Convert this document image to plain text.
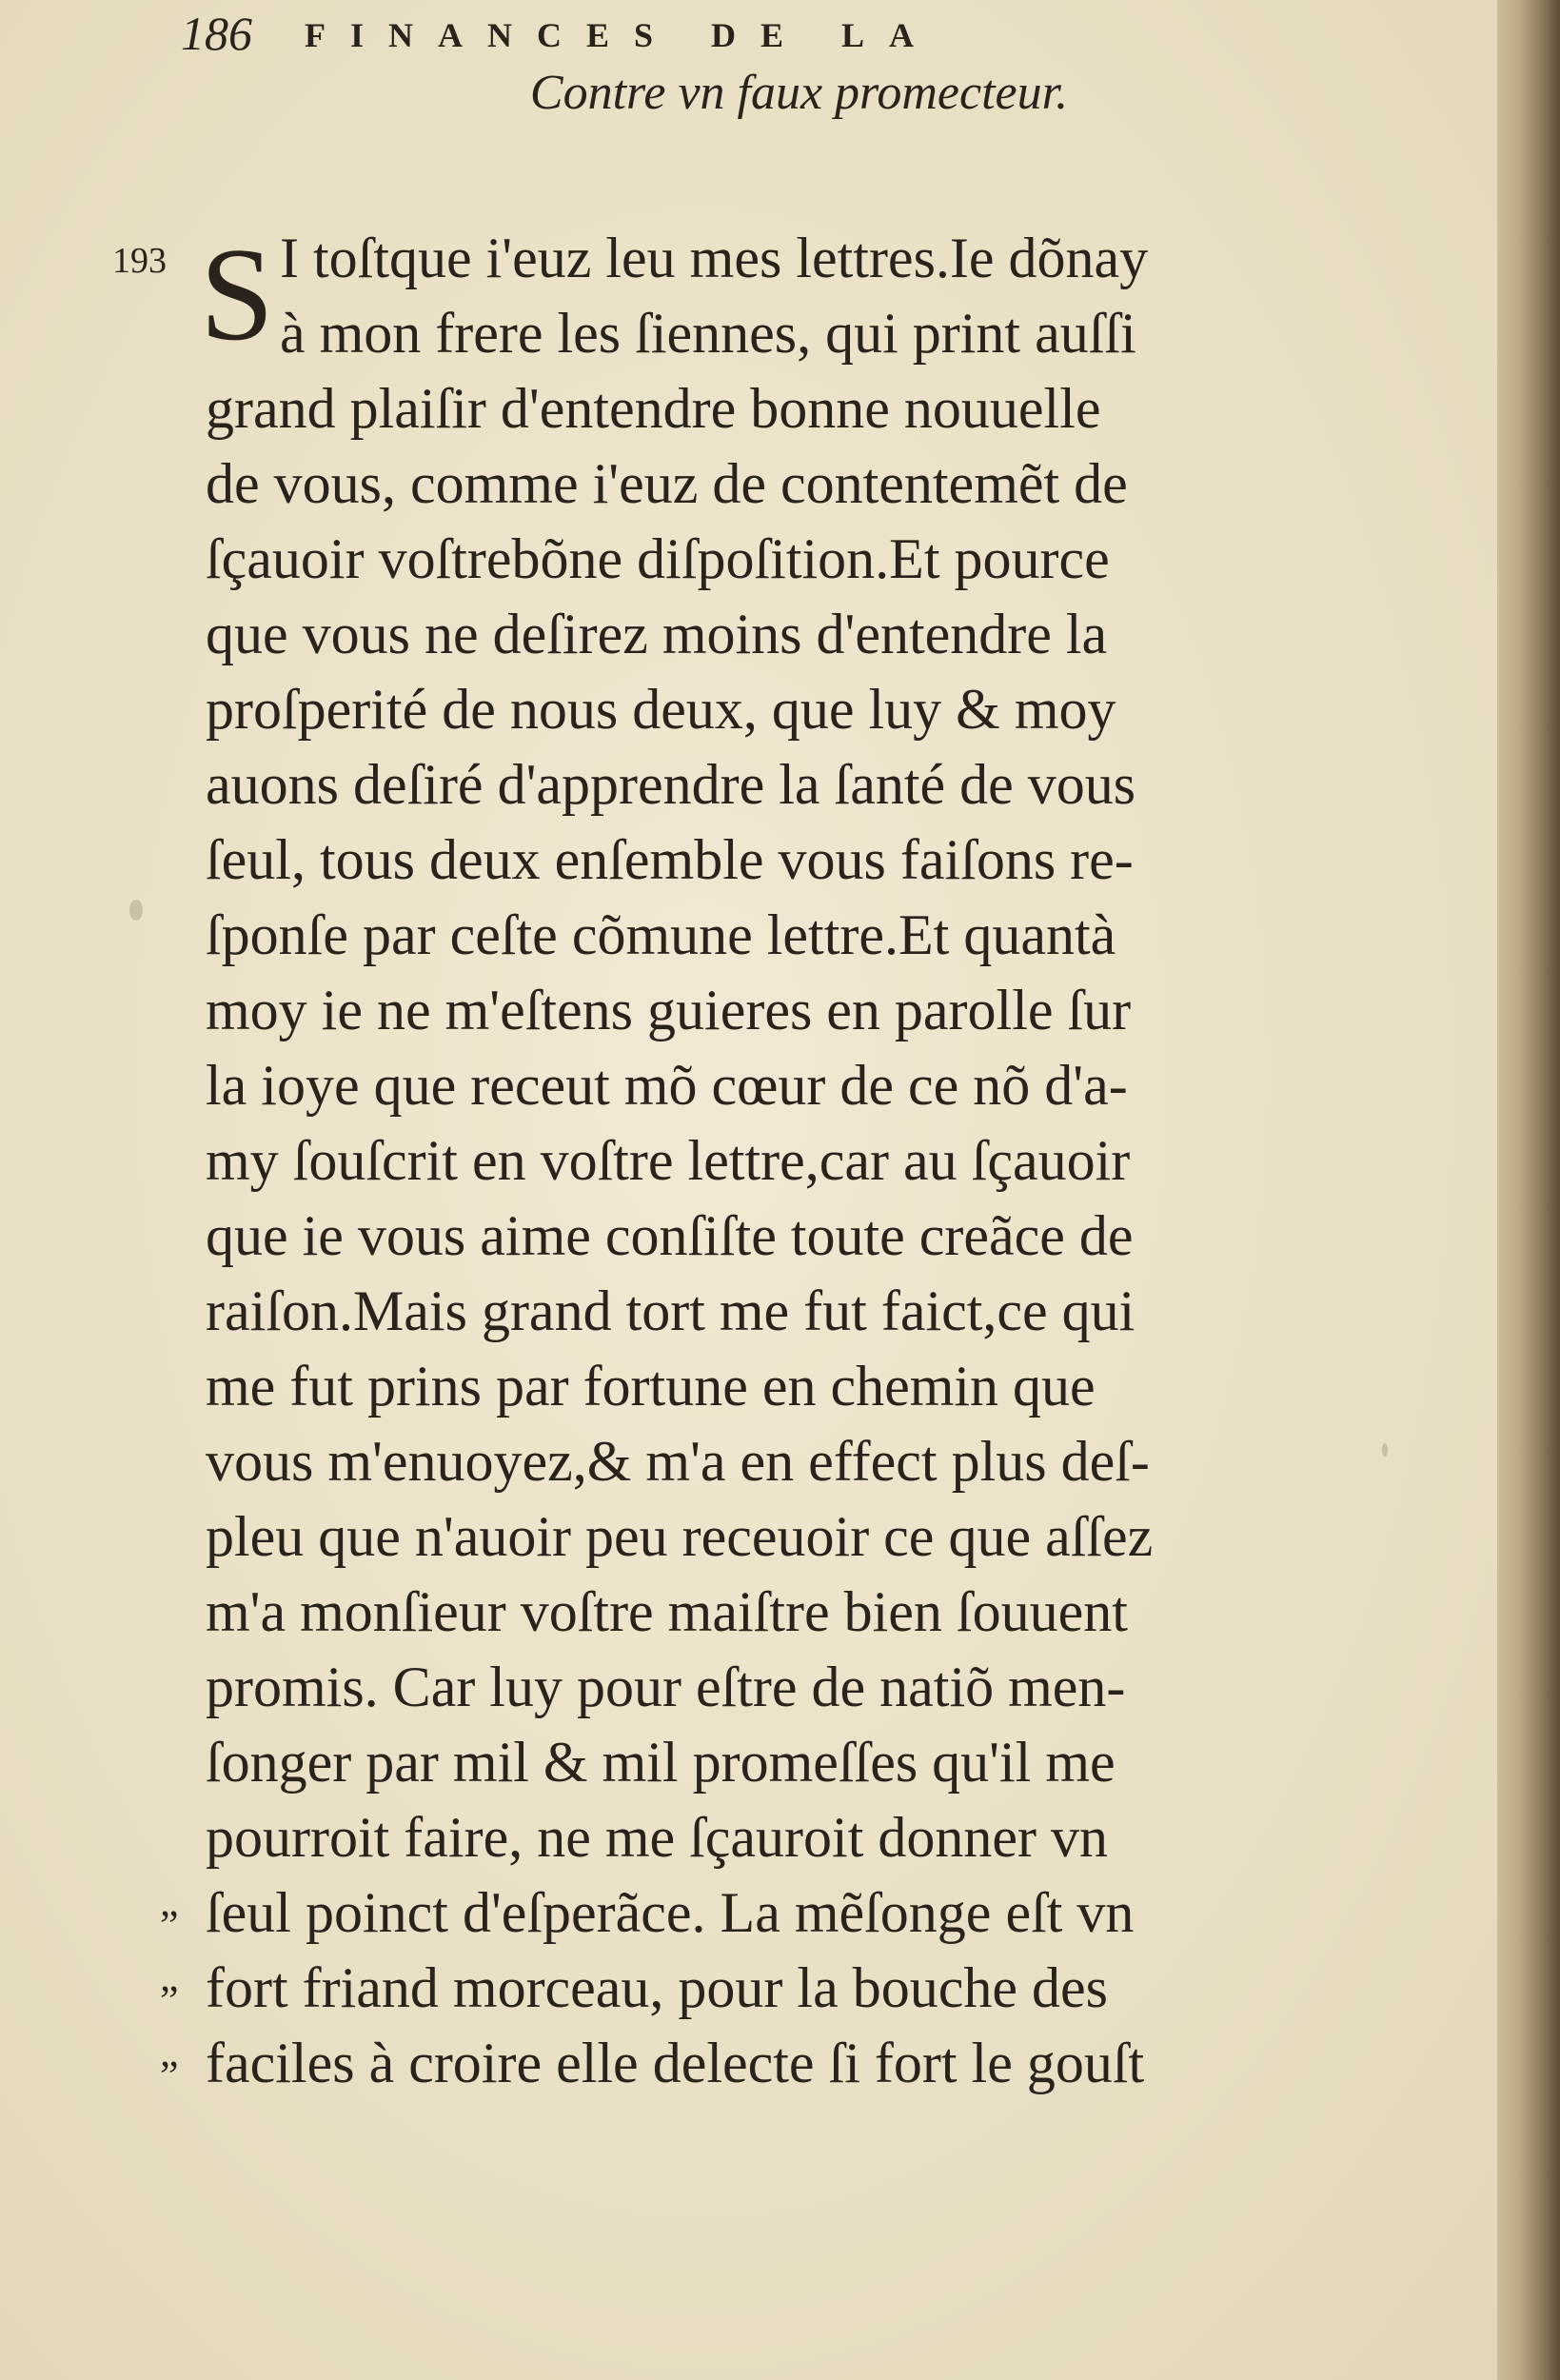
186 FINANCES DE LA
Contre vn faux promecteur.
193 S I toſtque i'euz leu mes lettres.Ie dõnay
à mon frere les ſiennes, qui print auſſi
grand plaiſir d'entendre bonne nouuelle
de vous, comme i'euz de contentemẽt de
ſçauoir voſtrebõne diſpoſition.Et pource
que vous ne deſirez moins d'entendre la
proſperité de nous deux, que luy & moy
auons deſiré d'apprendre la ſanté de vous
ſeul, tous deux enſemble vous faiſons re-
ſponſe par ceſte cõmune lettre.Et quantà
moy ie ne m'eſtens guieres en parolle ſur
la ioye que receut mõ cœur de ce nõ d'a-
my ſouſcrit en voſtre lettre,car au ſçauoir
que ie vous aime conſiſte toute creãce de
raiſon.Mais grand tort me fut faict,ce qui
me fut prins par fortune en chemin que
vous m'enuoyez,& m'a en effect plus deſ-
pleu que n'auoir peu receuoir ce que aſſez
m'a monſieur voſtre maiſtre bien ſouuent
promis. Car luy pour eſtre de natiõ men-
ſonger par mil & mil promeſſes qu'il me
pourroit faire, ne me ſçauroit donner vn
ſeul poinct d'eſperãce. La mẽſonge eſt vn
fort friand morceau, pour la bouche des
faciles à croire elle delecte ſi fort le gouſt
„
„
„
